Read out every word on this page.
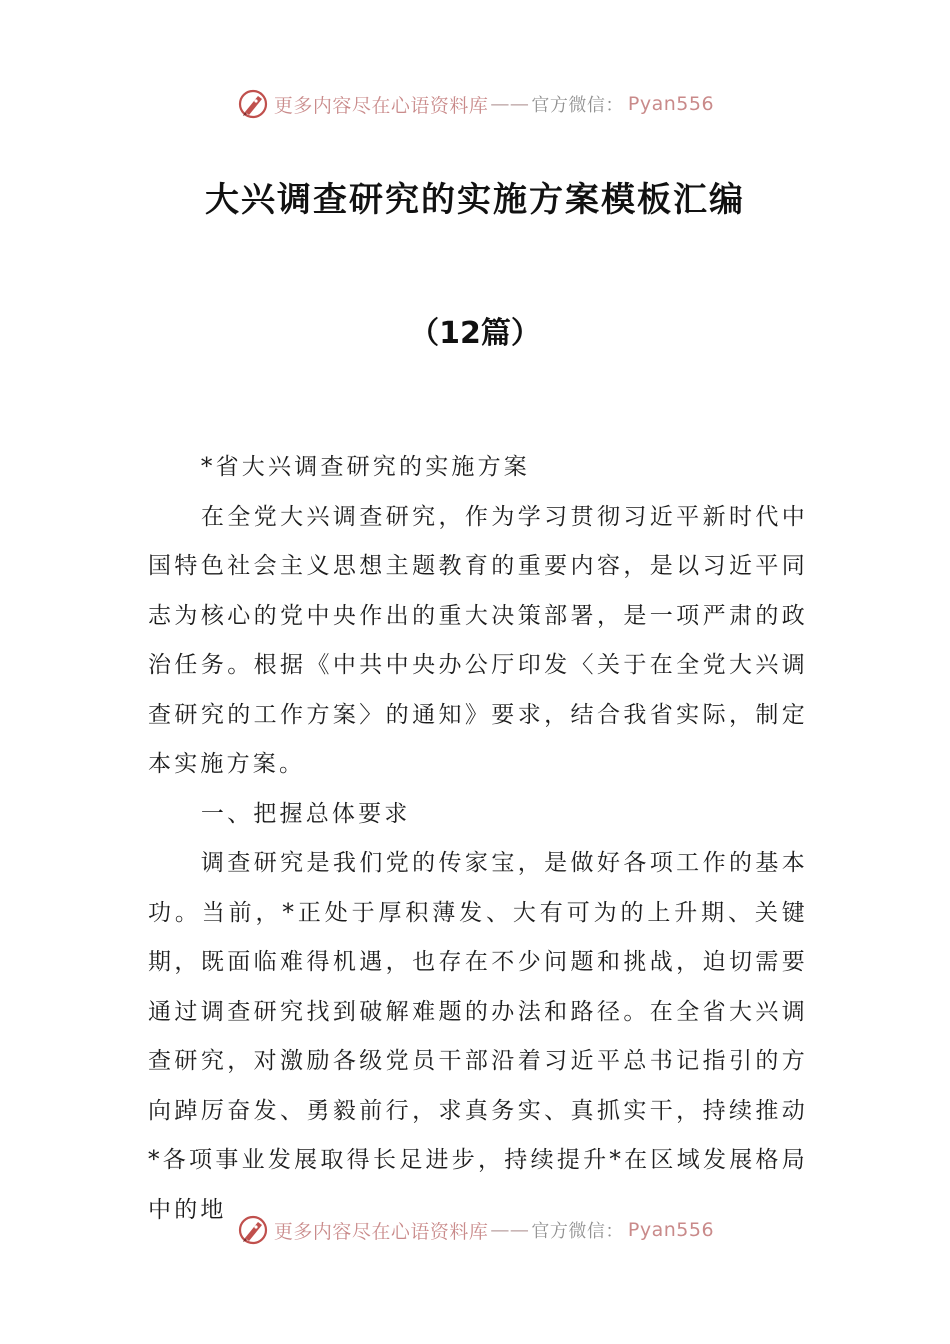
更多内容尽在心语资料库 —— 官方微信： Pyan556
大兴调查研究的实施方案模板汇编
（12篇）

*省大兴调查研究的实施方案

在全党大兴调查研究，作为学习贯彻习近平新时代中国特色社会主义思想主题教育的重要内容，是以习近平同志为核心的党中央作出的重大决策部署，是一项严肃的政治任务。根据《中共中央办公厅印发〈关于在全党大兴调查研究的工作方案〉的通知》要求，结合我省实际，制定本实施方案。

一、把握总体要求

调查研究是我们党的传家宝，是做好各项工作的基本功。当前，*正处于厚积薄发、大有可为的上升期、关键期，既面临难得机遇，也存在不少问题和挑战，迫切需要通过调查研究找到破解难题的办法和路径。在全省大兴调查研究，对激励各级党员干部沿着习近平总书记指引的方向踔厉奋发、勇毅前行，求真务实、真抓实干，持续推动*各项事业发展取得长足进步，持续提升*在区域发展格局中的地

更多内容尽在心语资料库 —— 官方微信： Pyan556
